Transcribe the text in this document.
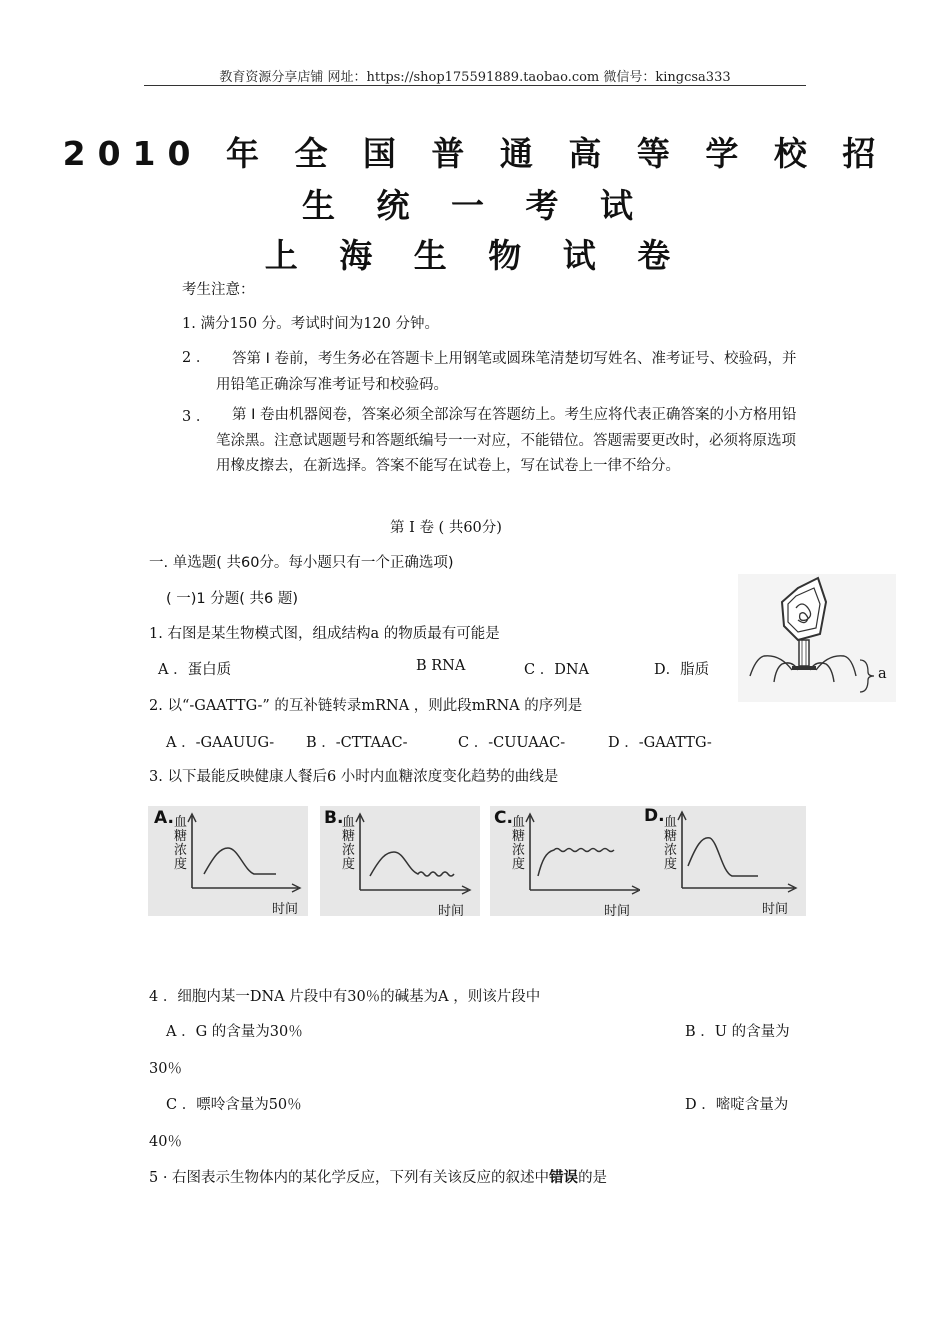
教育资源分享店铺 网址：https://shop175591889.taobao.com 微信号：kingcsa333
2010 年 全 国 普 通 高 等 学 校 招
生 统 一 考 试
上 海 生 物 试 卷
考生注意：
1. 满分150 分。考试时间为120 分钟。
2 ．	答第 Ⅰ 卷前，考生务必在答题卡上用钢笔或圆珠笔清楚切写姓名、准考证号、校验码，并用铅笔正确涂写准考证号和校验码。
3 ．	第 Ⅰ 卷由机器阅卷，答案必须全部涂写在答题纺上。考生应将代表正确答案的小方格用铅笔涂黑。注意试题题号和答题纸编号一一对应，不能错位。答题需要更改时，必须将原选项用橡皮擦去，在新选择。答案不能写在试卷上，写在试卷上一律不给分。
第 Ⅰ 卷 ( 共60分)
一. 单选题( 共60分。每小题只有一个正确选项)
( 一)1 分题( 共6 题)
1. 右图是某生物模式图，组成结构a 的物质最有可能是
A ．蛋白质	B RNA	C ．DNA	D．脂质	a
2. 以“-GAATTG-” 的互补链转录mRNA ，则此段mRNA 的序列是
A ．-GAAUUG- B ．-CTTAAC-	C ．-CUUAAC-	D ．-GAATTG-
3. 以下最能反映健康人餐后6 小时内血糖浓度变化趋势的曲线是
A. 血
糖
浓
度
时间
B.
血
糖
浓
度
时间
C. 血
糖
浓
度
时间
D. 血
糖
浓
度
时间
4 ．细胞内某一DNA 片段中有30％的碱基为A ，则该片段中
A ．G 的含量为30％	B ．U 的含量为
30％
C ．嘌呤含量为50％	D ．嘧啶含量为
40％
5 · 右图表示生物体内的某化学反应，下列有关该反应的叙述中错误的是
